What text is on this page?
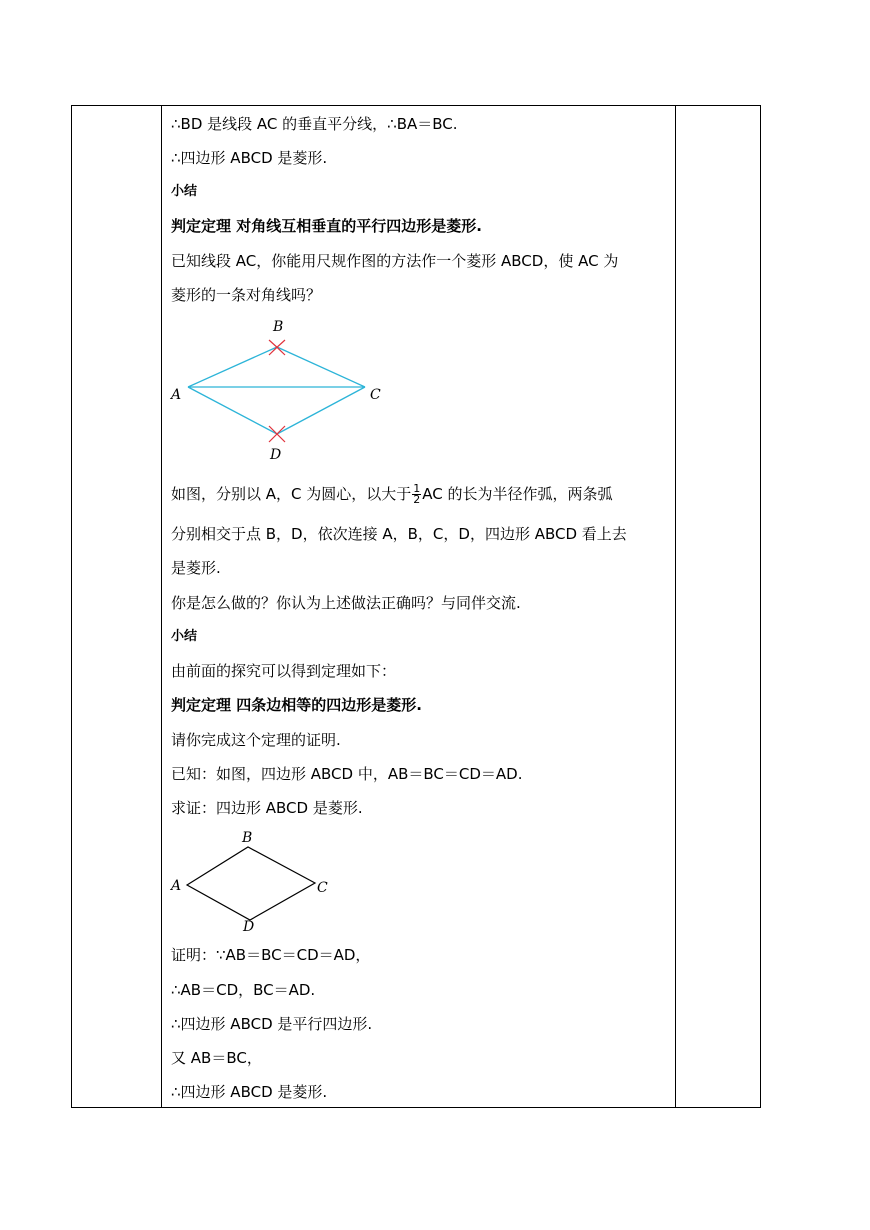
∴BD 是线段 AC 的垂直平分线，∴BA＝BC.
∴四边形 ABCD 是菱形.
小结
判定定理 对角线互相垂直的平行四边形是菱形.
已知线段 AC，你能用尺规作图的方法作一个菱形 ABCD，使 AC 为
菱形的一条对角线吗？
B
A	C
D
如图，分别以 A，C 为圆心，以大于 $\frac{1}{2}$ AC 的长为半径作弧，两条弧
分别相交于点 B，D，依次连接 A，B，C，D，四边形 ABCD 看上去
是菱形.
你是怎么做的？你认为上述做法正确吗？与同伴交流.
小结
由前面的探究可以得到定理如下：
判定定理 四条边相等的四边形是菱形.
请你完成这个定理的证明.
已知：如图，四边形 ABCD 中，AB＝BC＝CD＝AD.
求证：四边形 ABCD 是菱形.
B
A	C
D
证明：∵AB＝BC＝CD＝AD，
∴AB＝CD，BC＝AD.
∴四边形 ABCD 是平行四边形.
又 AB＝BC，
∴四边形 ABCD 是菱形.
